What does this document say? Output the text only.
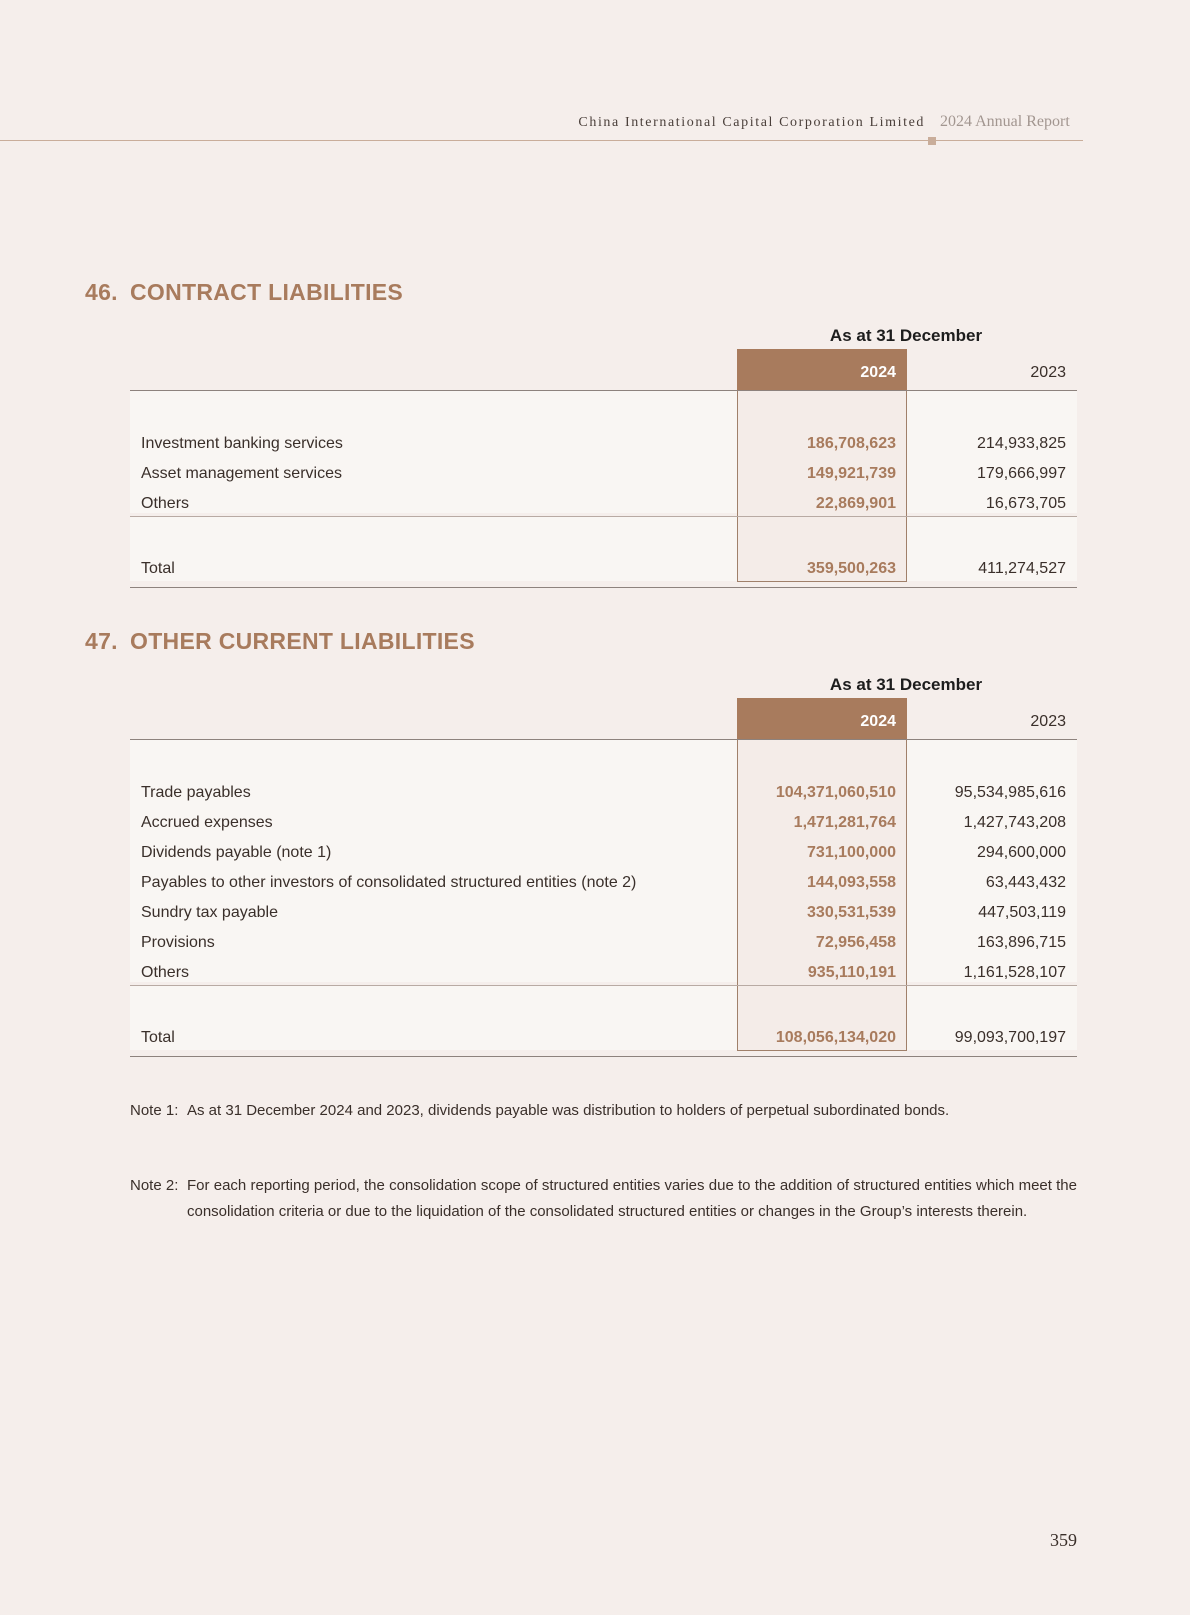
China International Capital Corporation Limited 2024 Annual Report
46. CONTRACT LIABILITIES
As at 31 December
2024	2023
Investment banking services	186,708,623	214,933,825
Asset management services	149,921,739	179,666,997
Others	22,869,901	16,673,705
Total	359,500,263	411,274,527
47. OTHER CURRENT LIABILITIES
As at 31 December
2024	2023
Trade payables	104,371,060,510	95,534,985,616
Accrued expenses	1,471,281,764	1,427,743,208
Dividends payable (note 1)	731,100,000	294,600,000
Payables to other investors of consolidated structured entities (note 2)	144,093,558	63,443,432
Sundry tax payable	330,531,539	447,503,119
Provisions	72,956,458	163,896,715
Others	935,110,191	1,161,528,107
Total	108,056,134,020	99,093,700,197
Note 1: As at 31 December 2024 and 2023, dividends payable was distribution to holders of perpetual subordinated bonds.
Note 2: For each reporting period, the consolidation scope of structured entities varies due to the addition of structured entities which meet the consolidation criteria or due to the liquidation of the consolidated structured entities or changes in the Group’s interests therein.
359
